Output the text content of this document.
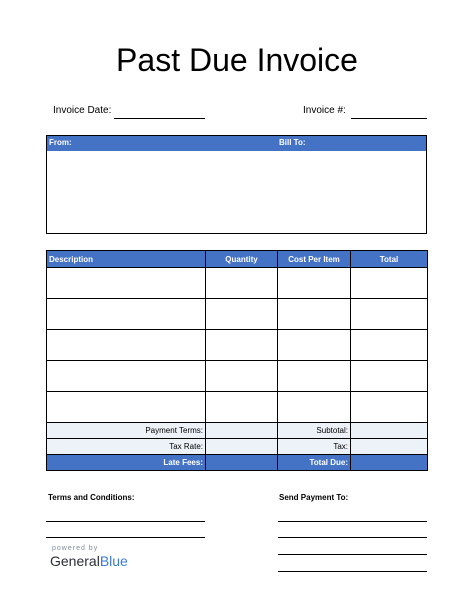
Past Due Invoice
Invoice Date:	Invoice #:
From:	Bill To:
Description	Quantity	Cost Per Item	Total

Payment Terms:		Subtotal:	
Tax Rate:		Tax:	
Late Fees:		Total Due:	
Terms and Conditions:	Send Payment To:
powered by
GeneralBlue
